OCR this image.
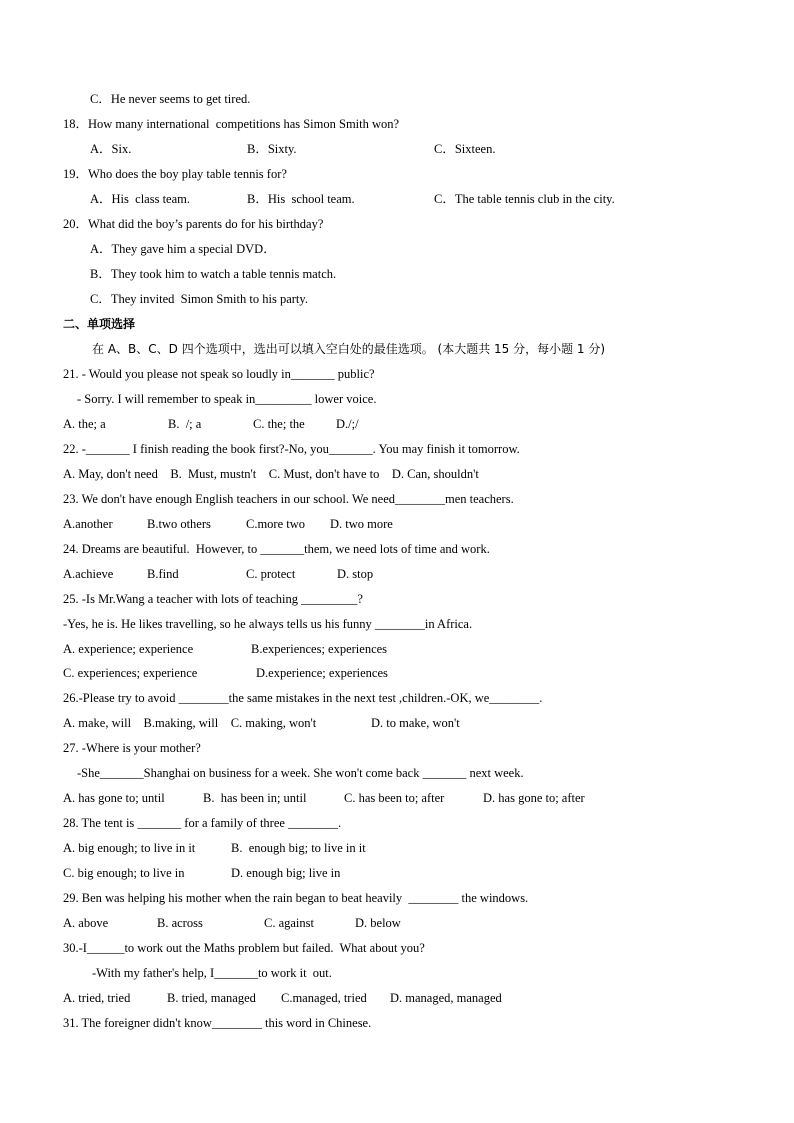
C．He never seems to get tired.
18．How many international  competitions has Simon Smith won?
A．Six.	B．Sixty.	C．Sixteen.
19．Who does the boy play table tennis for?
A．His  class team.	B．His  school team.	C．The table tennis club in the city.
20．What did the boy’s parents do for his birthday?
A．They gave him a special DVD．
B．They took him to watch a table tennis match.
C．They invited  Simon Smith to his party.
二、单项选择
在 A、B、C、D 四个选项中，选出可以填入空白处的最佳选项。 (本大题共 15 分，每小题 1 分)
21. - Would you please not speak so loudly in_______ public?
- Sorry. I will remember to speak in_________ lower voice.
A. the; a	B.  /; a	C. the; the	D./;/
22. -_______ I finish reading the book first?-No, you_______. You may finish it tomorrow.
A. May, don't need    B.  Must, mustn't    C. Must, don't have to    D. Can, shouldn't
23. We don't have enough English teachers in our school. We need________men teachers.
A.another	B.two others	C.more two D. two more
24. Dreams are beautiful.  However, to _______them, we need lots of time and work.
A.achieve	B.find	C. protect	D. stop
25. -Is Mr.Wang a teacher with lots of teaching _________?
-Yes, he is. He likes travelling, so he always tells us his funny ________in Africa.
A. experience; experience	B.experiences; experiences
C. experiences; experience	D.experience; experiences
26.-Please try to avoid ________the same mistakes in the next test ,children.-OK, we________.
A. make, will    B.making, will    C. making, won't	D. to make, won't
27. -Where is your mother?
-She_______Shanghai on business for a week. She won't come back _______ next week.
A. has gone to; until	B.  has been in; until	C. has been to; after	D. has gone to; after
28. The tent is _______ for a family of three ________.
A. big enough; to live in it	B.  enough big; to live in it
C. big enough; to live in	D. enough big; live in
29. Ben was helping his mother when the rain began to beat heavily  ________ the windows.
A. above	B. across	C. against	D. below
30.-I______to work out the Maths problem but failed.  What about you?
-With my father's help, I_______to work it  out.
A. tried, tried	B. tried, managed C.managed, tried D. managed, managed
31. The foreigner didn't know________ this word in Chinese.
